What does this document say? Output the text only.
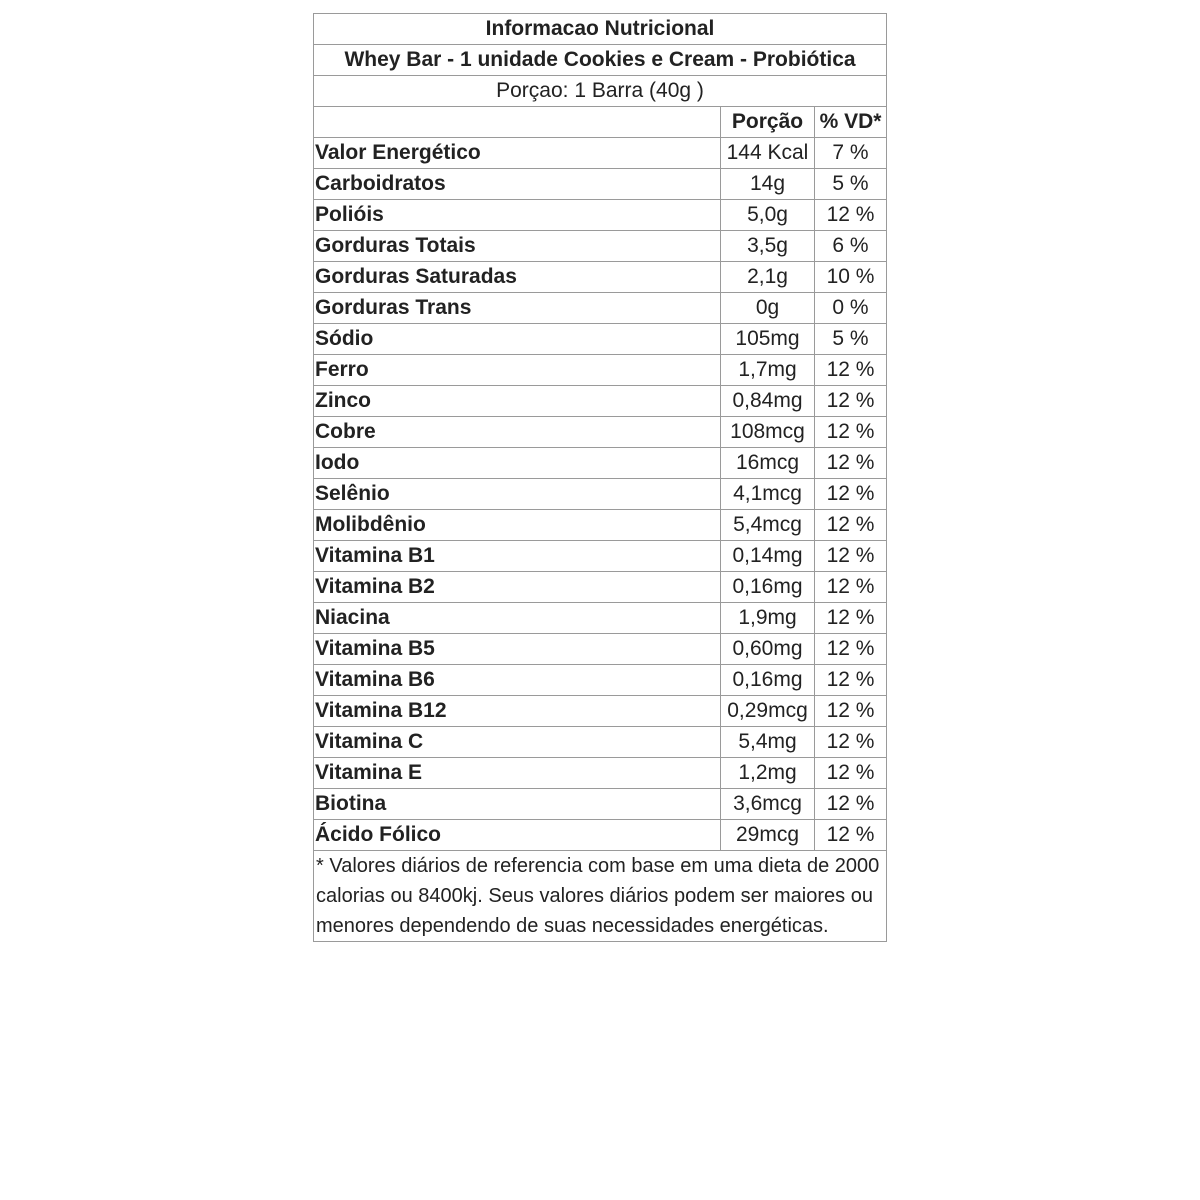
Informacao Nutricional		
Whey Bar - 1 unidade Cookies e Cream - Probiótica		
Porçao: 1 Barra (40g )		
	Porção	% VD*
Valor Energético	144 Kcal	7 %
Carboidratos	14g	5 %
Polióis	5,0g	12 %
Gorduras Totais	3,5g	6 %
Gorduras Saturadas	2,1g	10 %
Gorduras Trans	0g	0 %
Sódio	105mg	5 %
Ferro	1,7mg	12 %
Zinco	0,84mg	12 %
Cobre	108mcg	12 %
Iodo	16mcg	12 %
Selênio	4,1mcg	12 %
Molibdênio	5,4mcg	12 %
Vitamina B1	0,14mg	12 %
Vitamina B2	0,16mg	12 %
Niacina	1,9mg	12 %
Vitamina B5	0,60mg	12 %
Vitamina B6	0,16mg	12 %
Vitamina B12	0,29mcg	12 %
Vitamina C	5,4mg	12 %
Vitamina E	1,2mg	12 %
Biotina	3,6mcg	12 %
Ácido Fólico	29mcg	12 %
* Valores diários de referencia com base em uma dieta de 2000 calorias ou 8400kj. Seus valores diários podem ser maiores ou menores dependendo de suas necessidades energéticas.		
